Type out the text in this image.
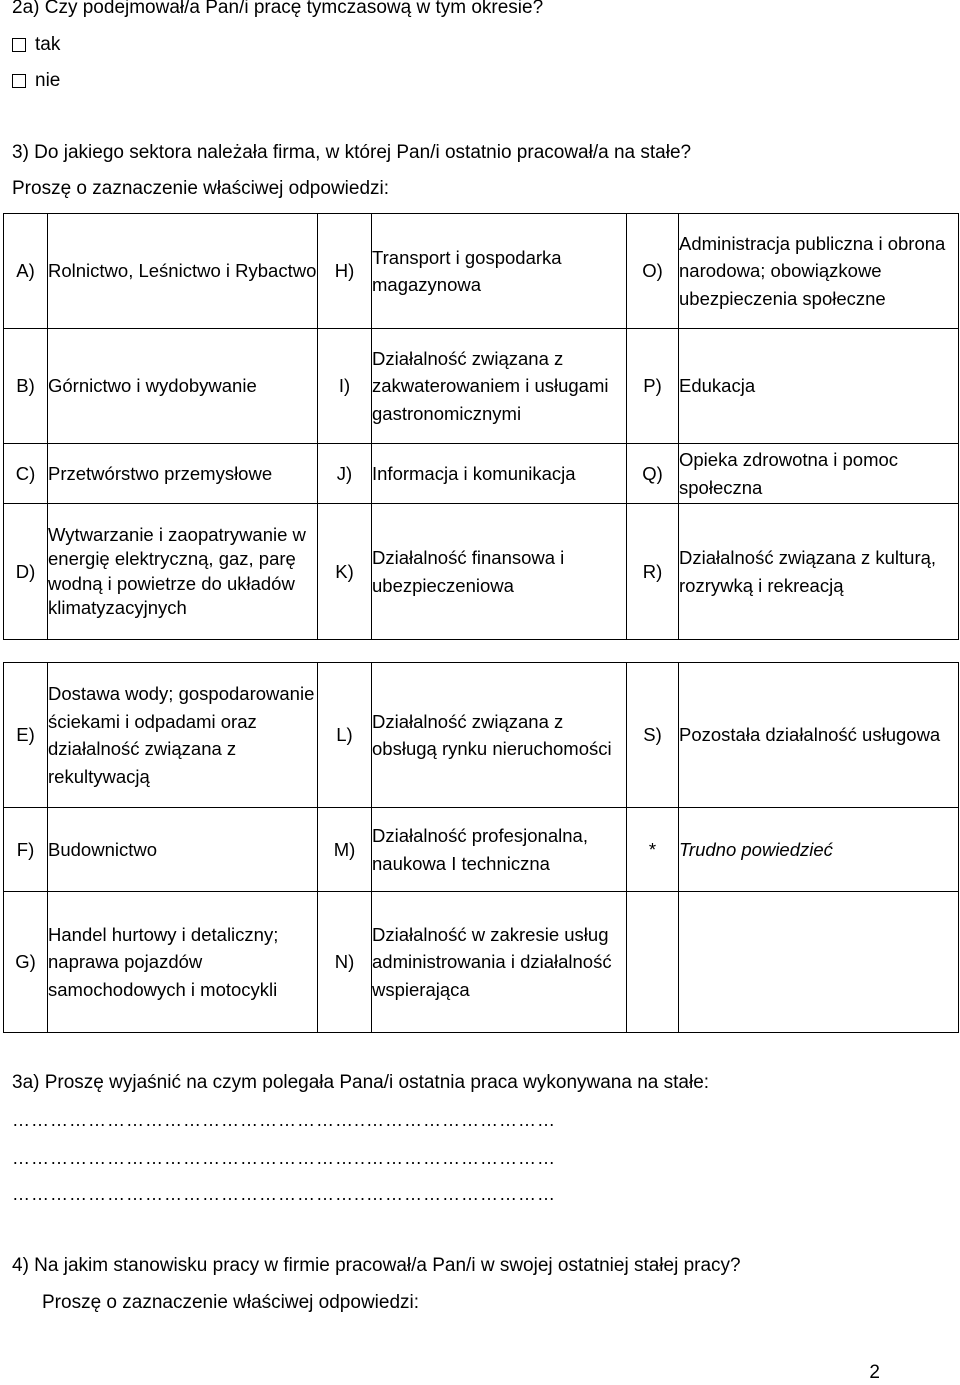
2a) Czy podejmował/a Pan/i pracę tymczasową w tym okresie?
tak
nie
3) Do jakiego sektora należała firma, w której Pan/i ostatnio pracował/a na stałe?
Proszę o zaznaczenie właściwej odpowiedzi:
A)	Rolnictwo, Leśnictwo i Rybactwo	H)	Transport i gospodarka magazynowa	O)	Administracja publiczna i obrona narodowa; obowiązkowe ubezpieczenia społeczne
B)	Górnictwo i wydobywanie	I)	Działalność związana z zakwaterowaniem i usługami gastronomicznymi	P)	Edukacja
C)	Przetwórstwo przemysłowe	J)	Informacja i komunikacja	Q)	Opieka zdrowotna i pomoc społeczna
D)	Wytwarzanie i zaopatrywanie w energię elektryczną, gaz, parę wodną i powietrze do układów klimatyzacyjnych	K)	Działalność finansowa i ubezpieczeniowa	R)	Działalność związana z kulturą, rozrywką i rekreacją
E)	Dostawa wody; gospodarowanie ściekami i odpadami oraz działalność związana z rekultywacją	L)	Działalność związana z obsługą rynku nieruchomości	S)	Pozostała działalność usługowa
F)	Budownictwo	M)	Działalność profesjonalna, naukowa I techniczna	*	Trudno powiedzieć
G)	Handel hurtowy i detaliczny; naprawa pojazdów samochodowych i motocykli	N)	Działalność w zakresie usług administrowania i działalność wspierająca		
3a) Proszę wyjaśnić na czym polegała Pana/i ostatnia praca wykonywana na stałe:
………………………………………………..…………………………
………………………………………………..…………………………
………………………………………………..…………………………
4) Na jakim stanowisku pracy w firmie pracował/a Pan/i w swojej ostatniej stałej pracy?
Proszę o zaznaczenie właściwej odpowiedzi:
2
